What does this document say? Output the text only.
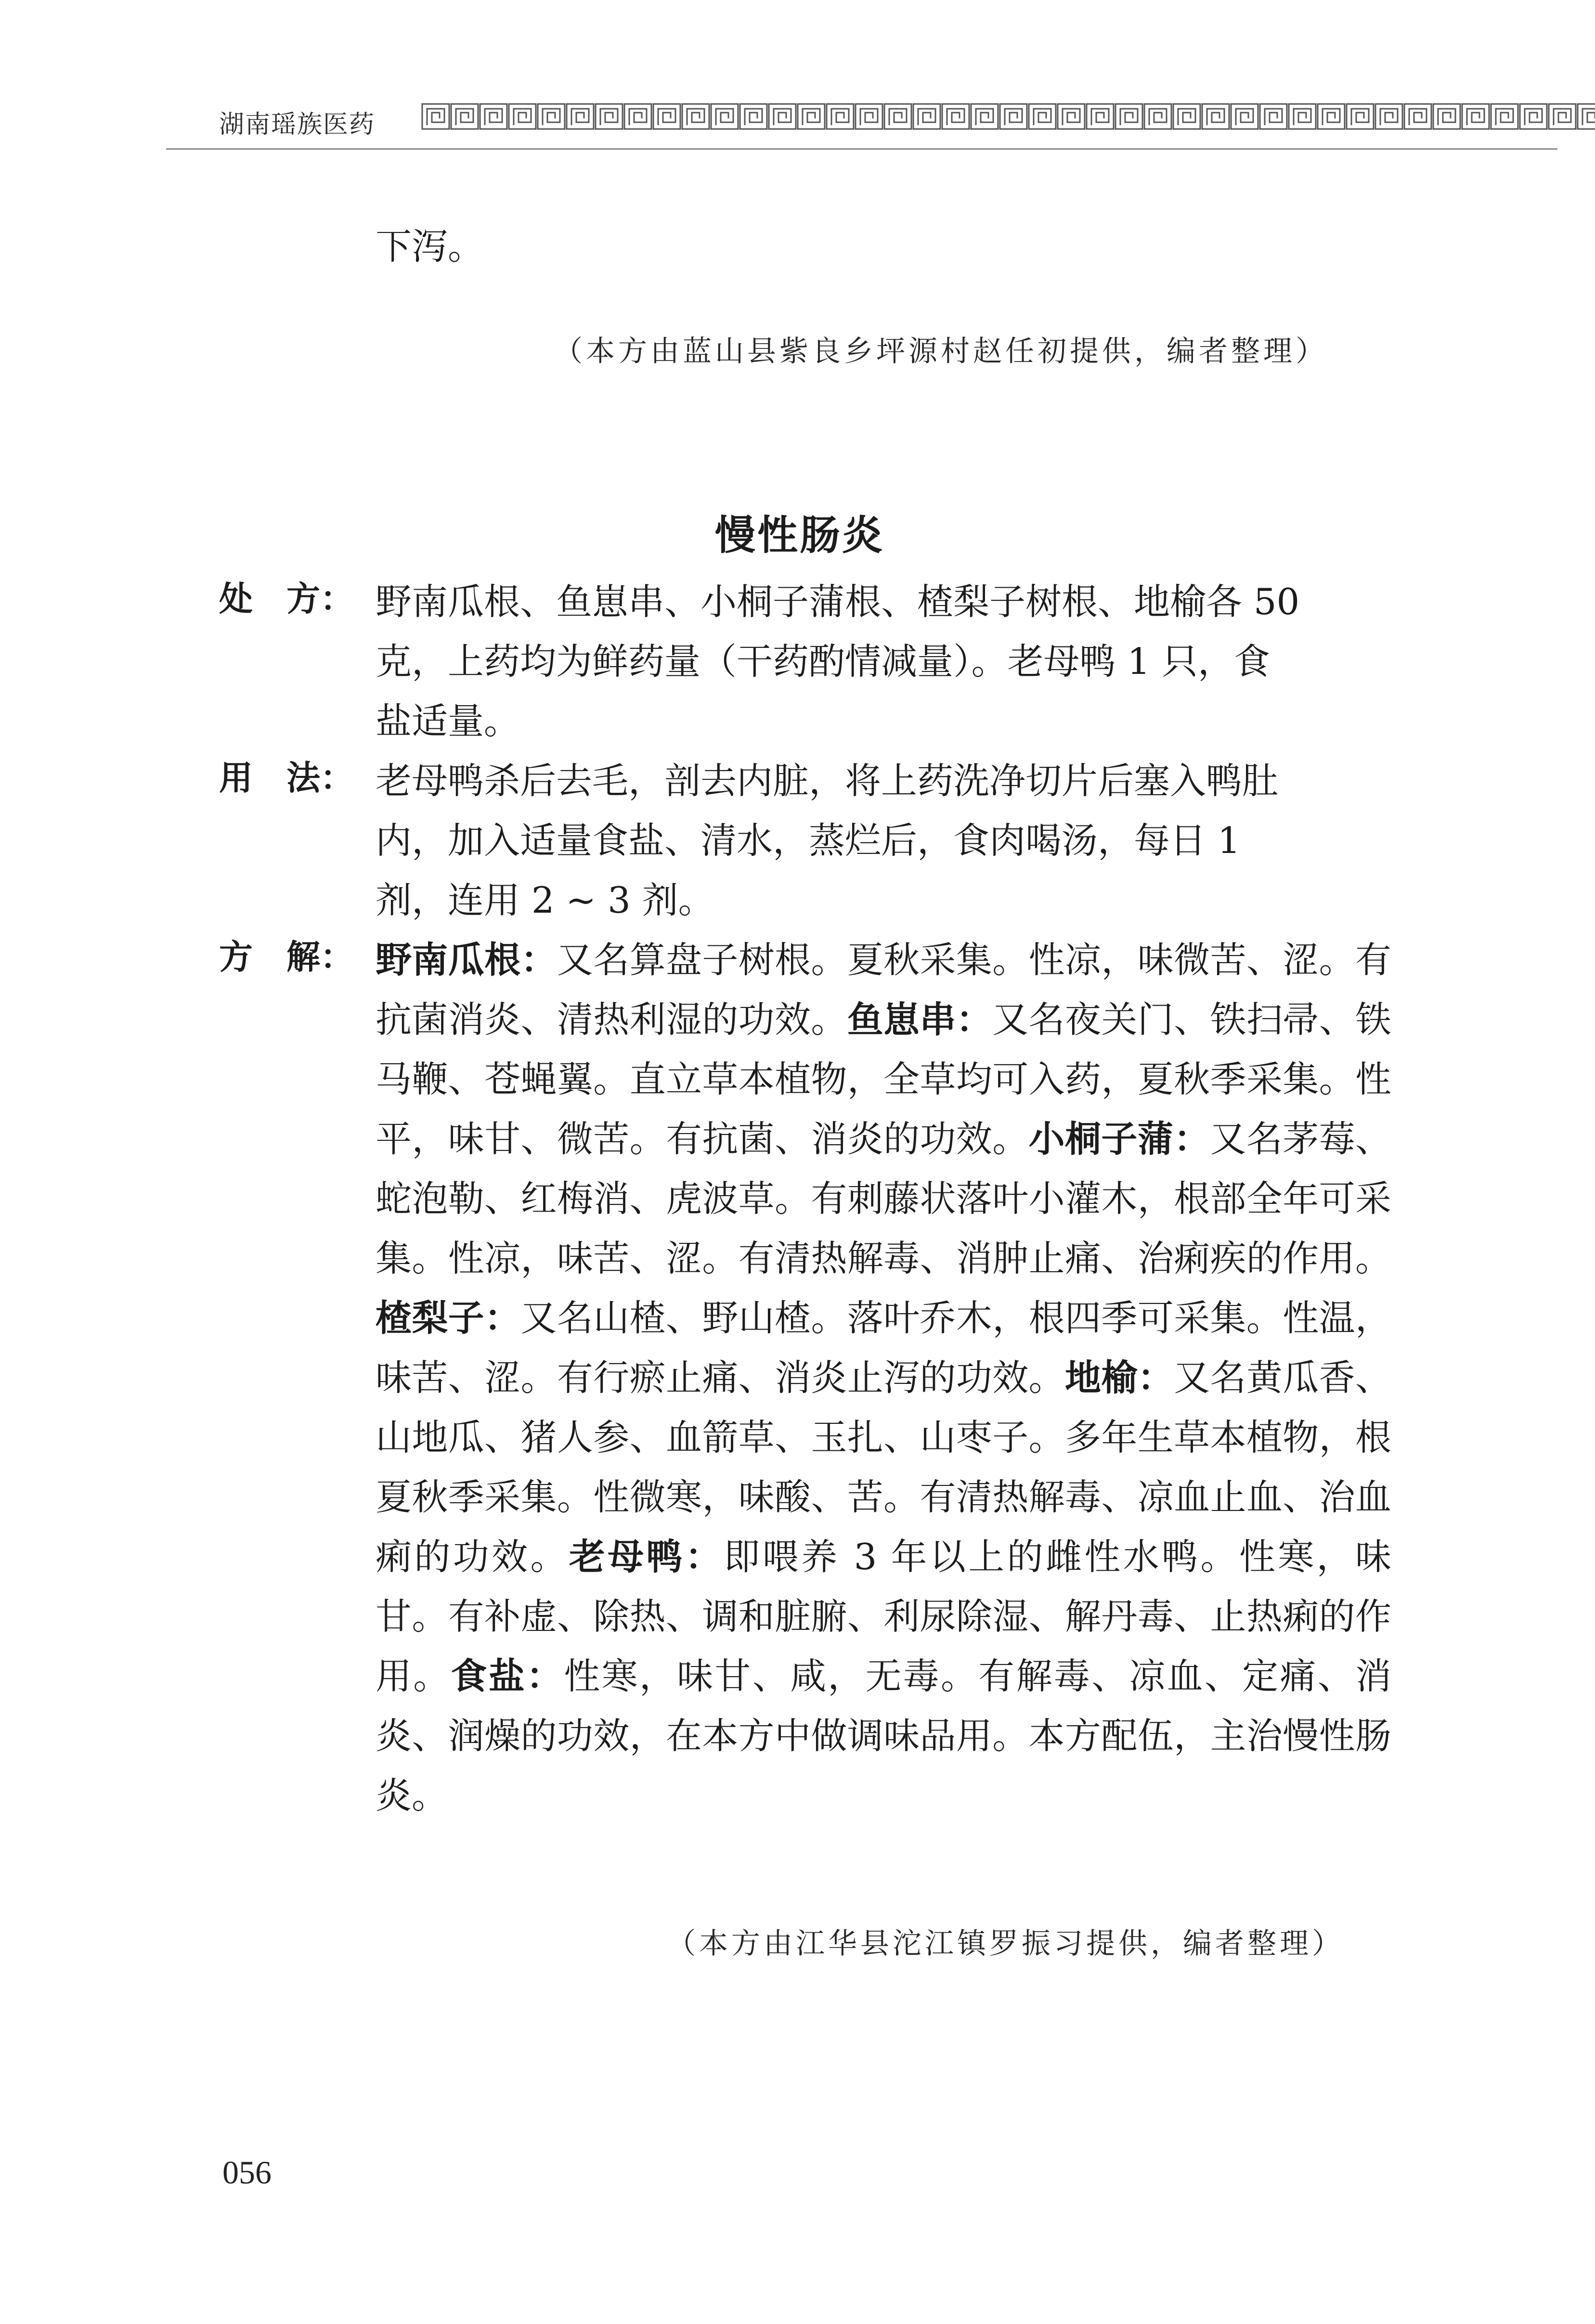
湖南瑶族医药
下泻。
（本方由蓝山县紫良乡坪源村赵任初提供，编者整理）
慢性肠炎
处　方： 野南瓜根、鱼崽串、小桐子蒲根、楂梨子树根、地榆各 50
克，上药均为鲜药量（干药酌情减量）。老母鸭 1 只，食
盐适量。
用　法： 老母鸭杀后去毛，剖去内脏，将上药洗净切片后塞入鸭肚
内，加入适量食盐、清水，蒸烂后，食肉喝汤，每日 1
剂，连用 2 ~ 3 剂。
方　解： 野南瓜根：又名算盘子树根。夏秋采集。性凉，味微苦、涩。有抗菌消炎、清热利湿的功效。鱼崽串：又名夜关门、铁扫帚、铁马鞭、苍蝇翼。直立草本植物，全草均可入药，夏秋季采集。性平，味甘、微苦。有抗菌、消炎的功效。小桐子蒲：又名茅莓、蛇泡勒、红梅消、虎波草。有刺藤状落叶小灌木，根部全年可采集。性凉，味苦、涩。有清热解毒、消肿止痛、治痢疾的作用。楂梨子：又名山楂、野山楂。落叶乔木，根四季可采集。性温，味苦、涩。有行瘀止痛、消炎止泻的功效。地榆：又名黄瓜香、山地瓜、猪人参、血箭草、玉扎、山枣子。多年生草本植物，根夏秋季采集。性微寒，味酸、苦。有清热解毒、凉血止血、治血痢的功效。老母鸭：即喂养 3 年以上的雌性水鸭。性寒，味甘。有补虚、除热、调和脏腑、利尿除湿、解丹毒、止热痢的作用。食盐：性寒，味甘、咸，无毒。有解毒、凉血、定痛、消炎、润燥的功效，在本方中做调味品用。本方配伍，主治慢性肠炎。
（本方由江华县沱江镇罗振习提供，编者整理）
056
